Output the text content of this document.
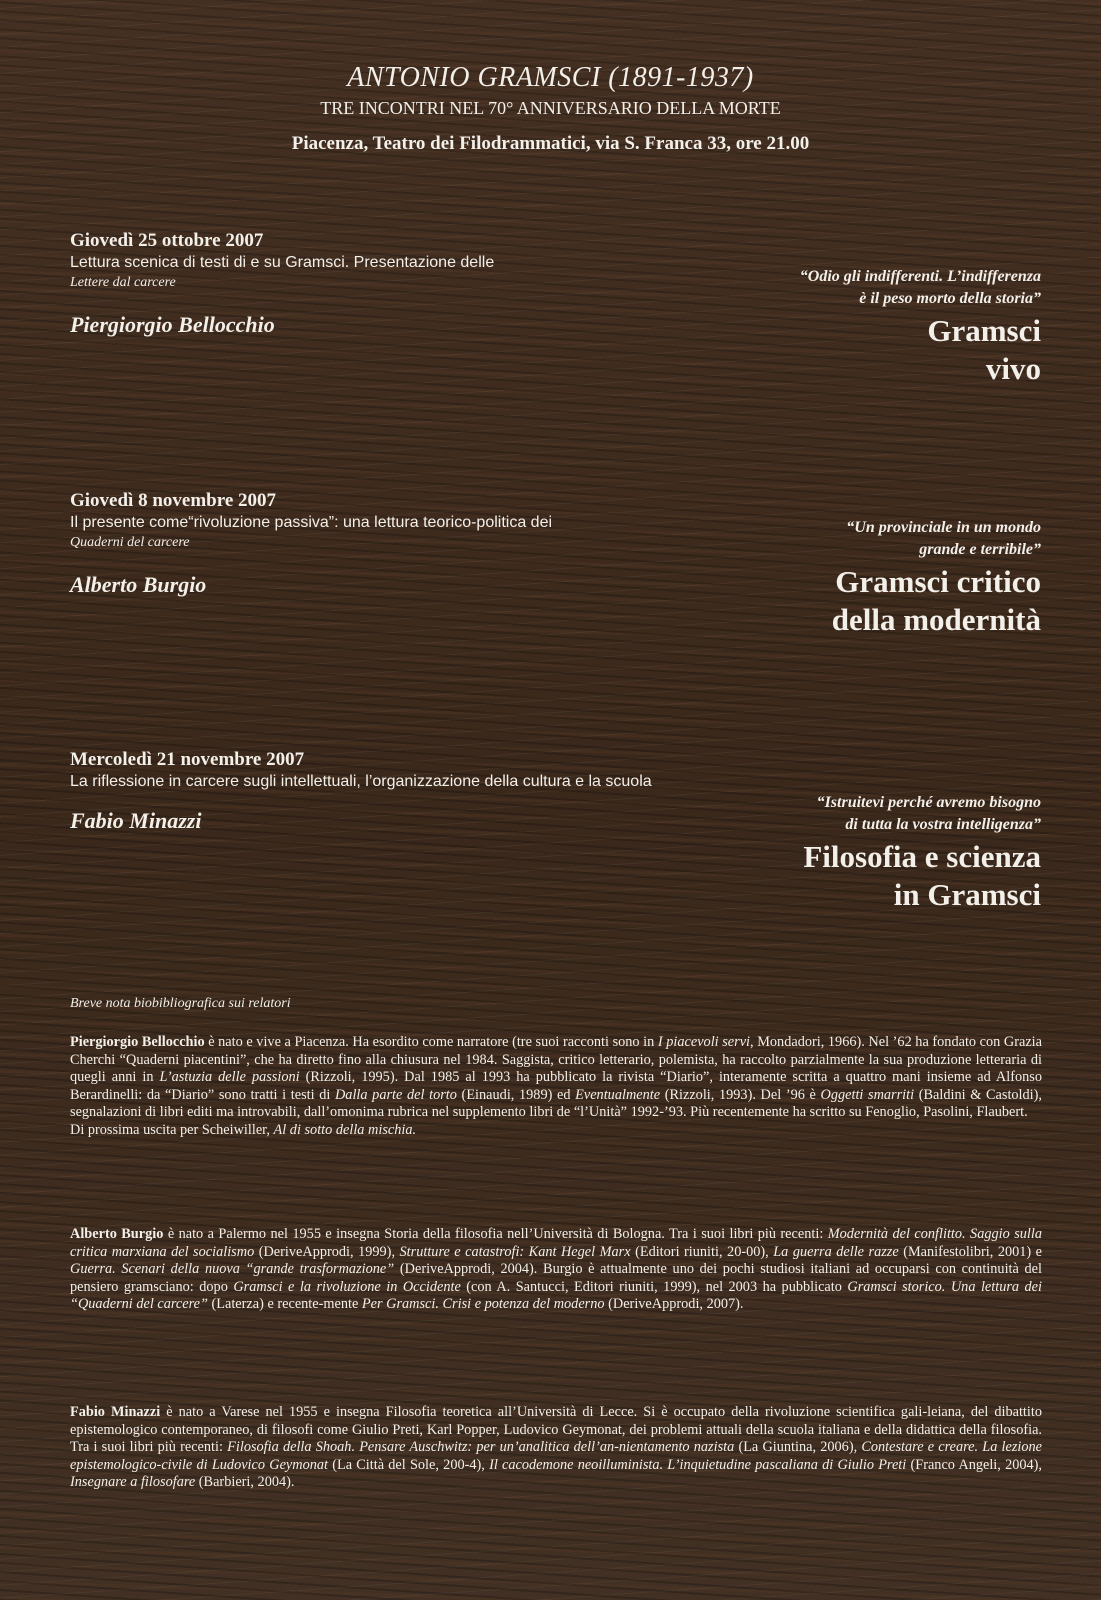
ANTONIO GRAMSCI (1891-1937)
TRE INCONTRI NEL 70° ANNIVERSARIO DELLA MORTE
Piacenza, Teatro dei Filodrammatici, via S. Franca 33, ore 21.00
Giovedì 25 ottobre 2007
Lettura scenica di testi di e su Gramsci. Presentazione delle
Lettere dal carcere
Piergiorgio Bellocchio
“Odio gli indifferenti. L’indifferenza
è il peso morto della storia”
Gramsci
vivo
Giovedì 8 novembre 2007
Il presente come“rivoluzione passiva”: una lettura teorico-politica dei
Quaderni del carcere
Alberto Burgio
“Un provinciale in un mondo
grande e terribile”
Gramsci critico
della modernità
Mercoledì 21 novembre 2007
La riflessione in carcere sugli intellettuali, l’organizzazione della cultura e la scuola
Fabio Minazzi
“Istruitevi perché avremo bisogno
di tutta la vostra intelligenza”
Filosofia e scienza
in Gramsci
Breve nota biobibliografica sui relatori
Piergiorgio Bellocchio è nato e vive a Piacenza. Ha esordito come narratore (tre suoi racconti sono in I piacevoli servi, Mondadori, 1966). Nel ’62 ha fondato con Grazia Cherchi “Quaderni piacentini”, che ha diretto fino alla chiusura nel 1984. Saggista, critico letterario, polemista, ha raccolto parzialmente la sua produzione letteraria di quegli anni in L’astuzia delle passioni (Rizzoli, 1995). Dal 1985 al 1993 ha pubblicato la rivista “Diario”, interamente scritta a quattro mani insieme ad Alfonso Berardinelli: da “Diario” sono tratti i testi di Dalla parte del torto (Einaudi, 1989) ed Eventualmente (Rizzoli, 1993). Del ’96 è Oggetti smarriti (Baldini & Castoldi), segnalazioni di libri editi ma introvabili, dall’omonima rubrica nel supplemento libri de “l’Unità” 1992-’93. Più recentemente ha scritto su Fenoglio, Pasolini, Flaubert.
Di prossima uscita per Scheiwiller, Al di sotto della mischia.
Alberto Burgio è nato a Palermo nel 1955 e insegna Storia della filosofia nell’Università di Bologna. Tra i suoi libri più recenti: Modernità del conflitto. Saggio sulla critica marxiana del socialismo (DeriveApprodi, 1999), Strutture e catastrofi: Kant Hegel Marx (Editori riuniti, 20-00), La guerra delle razze (Manifestolibri, 2001) e Guerra. Scenari della nuova “grande trasformazione” (DeriveApprodi, 2004). Burgio è attualmente uno dei pochi studiosi italiani ad occuparsi con continuità del pensiero gramsciano: dopo Gramsci e la rivoluzione in Occidente (con A. Santucci, Editori riuniti, 1999), nel 2003 ha pubblicato Gramsci storico. Una lettura dei “Quaderni del carcere” (Laterza) e recente-mente Per Gramsci. Crisi e potenza del moderno (DeriveApprodi, 2007).
Fabio Minazzi è nato a Varese nel 1955 e insegna Filosofia teoretica all’Università di Lecce. Si è occupato della rivoluzione scientifica gali-leiana, del dibattito epistemologico contemporaneo, di filosofi come Giulio Preti, Karl Popper, Ludovico Geymonat, dei problemi attuali della scuola italiana e della didattica della filosofia. Tra i suoi libri più recenti: Filosofia della Shoah. Pensare Auschwitz: per un’analitica dell’an-nientamento nazista (La Giuntina, 2006), Contestare e creare. La lezione epistemologico-civile di Ludovico Geymonat (La Città del Sole, 200-4), Il cacodemone neoilluminista. L’inquietudine pascaliana di Giulio Preti (Franco Angeli, 2004), Insegnare a filosofare (Barbieri, 2004).
